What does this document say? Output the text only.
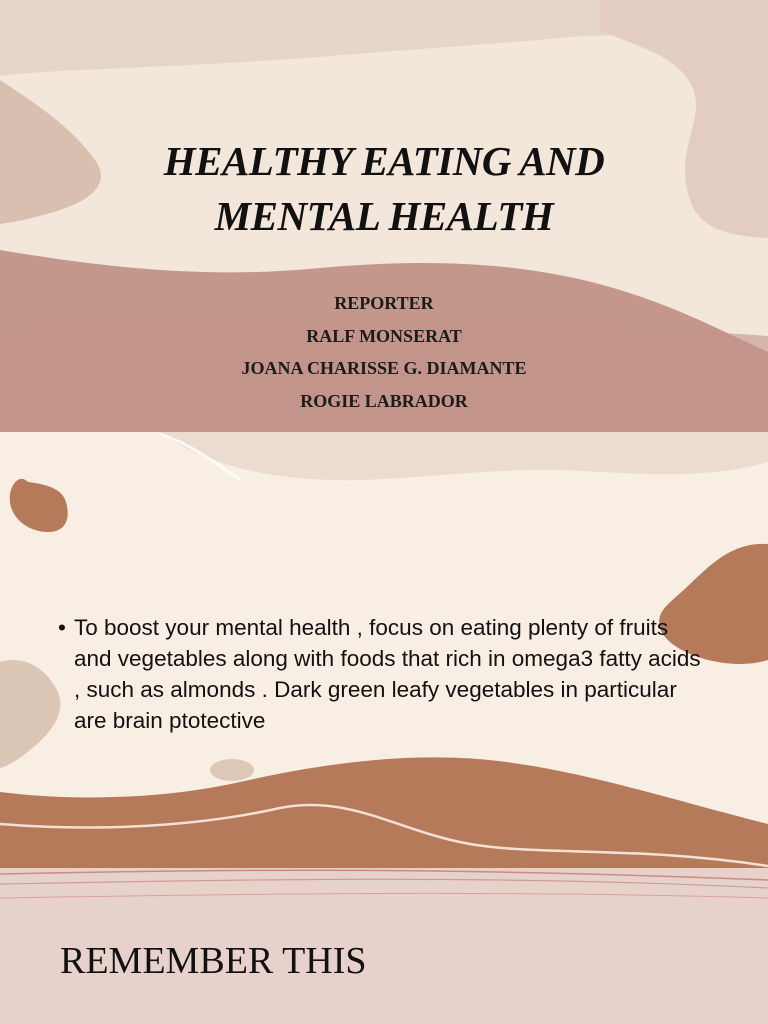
HEALTHY EATING AND
MENTAL HEALTH
REPORTER
RALF MONSERAT
JOANA CHARISSE G. DIAMANTE
ROGIE LABRADOR
• To boost your mental health , focus on eating plenty of fruits and vegetables along with foods that rich in omega3 fatty acids , such as almonds . Dark green leafy vegetables in particular are brain ptotective
REMEMBER THIS
